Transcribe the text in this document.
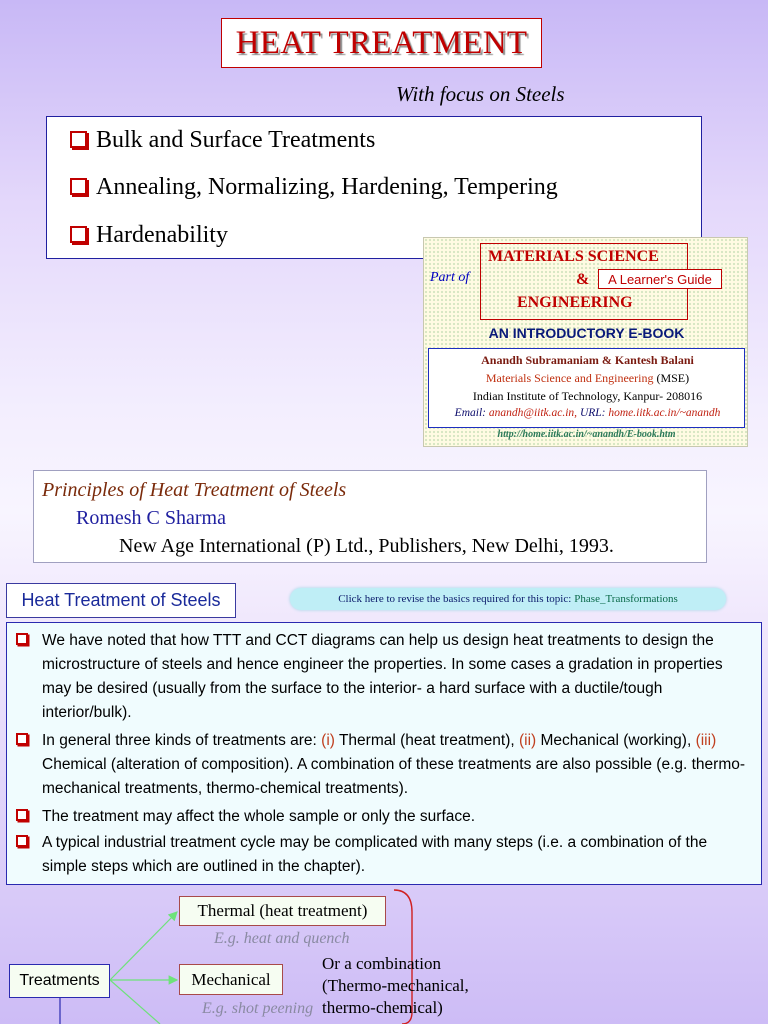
HEAT TREATMENT
With focus on Steels
Bulk and Surface Treatments
Annealing, Normalizing, Hardening, Tempering
Hardenability
Part of
MATERIALS SCIENCE
&
ENGINEERING
A Learner's Guide
AN INTRODUCTORY E-BOOK
Anandh Subramaniam & Kantesh Balani
Materials Science and Engineering (MSE)
Indian Institute of Technology, Kanpur- 208016
Email: anandh@iitk.ac.in, URL: home.iitk.ac.in/~anandh
http://home.iitk.ac.in/~anandh/E-book.htm
Principles of Heat Treatment of Steels
Romesh C Sharma
New Age International (P) Ltd., Publishers, New Delhi, 1993.
Heat Treatment of Steels	Click here to revise the basics required for this topic: Phase_Transformations
We have noted that how TTT and CCT diagrams can help us design heat treatments to design the microstructure of steels and hence engineer the properties. In some cases a gradation in properties may be desired (usually from the surface to the interior- a hard surface with a ductile/tough interior/bulk).
In general three kinds of treatments are: (i) Thermal (heat treatment), (ii) Mechanical (working), (iii) Chemical (alteration of composition). A combination of these treatments are also possible (e.g. thermo-mechanical treatments, thermo-chemical treatments).
The treatment may affect the whole sample or only the surface.
A typical industrial treatment cycle may be complicated with many steps (i.e. a combination of the simple steps which are outlined in the chapter).
Treatments
Thermal (heat treatment)
E.g. heat and quench
Mechanical
E.g. shot peening
Or a combination
(Thermo-mechanical,
thermo-chemical)
